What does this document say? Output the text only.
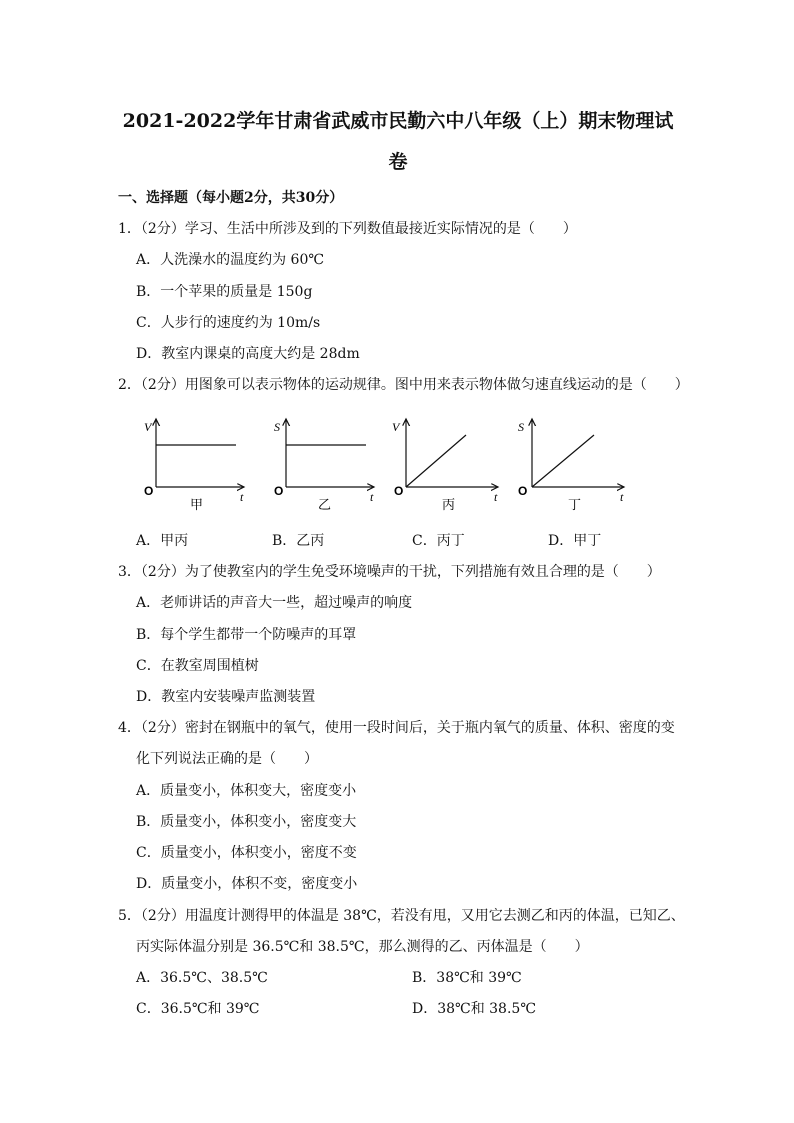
2021-2022学年甘肃省武威市民勤六中八年级（上）期末物理试
卷
一、选择题（每小题2分，共30分）
1．（2分）学习、生活中所涉及到的下列数值最接近实际情况的是（　　）
A．人洗澡水的温度约为 60℃
B．一个苹果的质量是 150g
C．人步行的速度约为 10m/s
D．教室内课桌的高度大约是 28dm
2．（2分）用图象可以表示物体的运动规律。图中用来表示物体做匀速直线运动的是（　　）
V
t
O
甲
S
t
O
乙
V
t
O
丙
S
t
O
丁
A．甲丙	B．乙丙	C．丙丁	D．甲丁
3．（2分）为了使教室内的学生免受环境噪声的干扰，下列措施有效且合理的是（　　）
A．老师讲话的声音大一些，超过噪声的响度
B．每个学生都带一个防噪声的耳罩
C．在教室周围植树
D．教室内安装噪声监测装置
4．（2分）密封在钢瓶中的氧气，使用一段时间后，关于瓶内氧气的质量、体积、密度的变
化下列说法正确的是（　　）
A．质量变小，体积变大，密度变小
B．质量变小，体积变小，密度变大
C．质量变小，体积变小，密度不变
D．质量变小，体积不变，密度变小
5．（2分）用温度计测得甲的体温是 38℃，若没有甩，又用它去测乙和丙的体温，已知乙、
丙实际体温分别是 36.5℃和 38.5℃，那么测得的乙、丙体温是（　　）
A．36.5℃、38.5℃	B．38℃和 39℃
C．36.5℃和 39℃	D．38℃和 38.5℃
